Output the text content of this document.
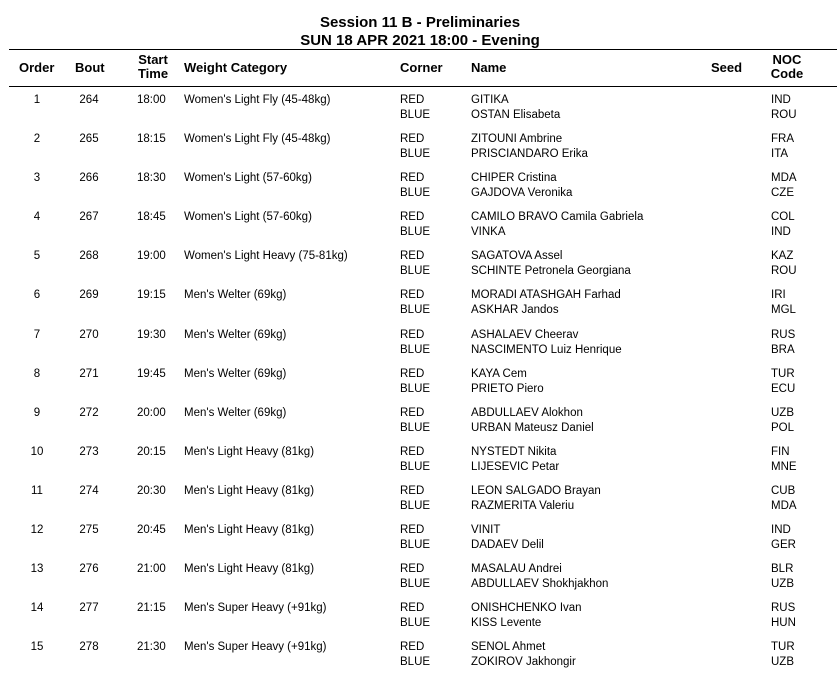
Session 11 B - Preliminaries
SUN 18 APR 2021 18:00 - Evening
Order Bout
Start
Time	Weight Category	Corner Name	Seed
NOC
Code
1	264	18:00 Women's Light Fly (45-48kg)	RED	GITIKA	IND
BLUE	OSTAN Elisabeta	ROU
2	265	18:15 Women's Light Fly (45-48kg)	RED	ZITOUNI Ambrine	FRA
BLUE	PRISCIANDARO Erika	ITA
3	266	18:30 Women's Light (57-60kg)	RED	CHIPER Cristina	MDA
BLUE	GAJDOVA Veronika	CZE
4	267	18:45 Women's Light (57-60kg)	RED	CAMILO BRAVO Camila Gabriela	COL
BLUE	VINKA	IND
5	268	19:00 Women's Light Heavy (75-81kg)	RED	SAGATOVA Assel	KAZ
BLUE	SCHINTE Petronela Georgiana	ROU
6	269	19:15 Men's Welter (69kg)	RED	MORADI ATASHGAH Farhad	IRI
BLUE	ASKHAR Jandos	MGL
7	270	19:30 Men's Welter (69kg)	RED	ASHALAEV Cheerav	RUS
BLUE	NASCIMENTO Luiz Henrique	BRA
8	271	19:45 Men's Welter (69kg)	RED	KAYA Cem	TUR
BLUE	PRIETO Piero	ECU
9	272	20:00 Men's Welter (69kg)	RED	ABDULLAEV Alokhon	UZB
BLUE	URBAN Mateusz Daniel	POL
10	273	20:15 Men's Light Heavy (81kg)	RED	NYSTEDT Nikita	FIN
BLUE	LIJESEVIC Petar	MNE
11	274	20:30 Men's Light Heavy (81kg)	RED	LEON SALGADO Brayan	CUB
BLUE	RAZMERITA Valeriu	MDA
12	275	20:45 Men's Light Heavy (81kg)	RED	VINIT	IND
BLUE	DADAEV Delil	GER
13	276	21:00 Men's Light Heavy (81kg)	RED	MASALAU Andrei	BLR
BLUE	ABDULLAEV Shokhjakhon	UZB
14	277	21:15 Men's Super Heavy (+91kg)	RED	ONISHCHENKO Ivan	RUS
BLUE	KISS Levente	HUN
15	278	21:30 Men's Super Heavy (+91kg)	RED	SENOL Ahmet	TUR
BLUE	ZOKIROV Jakhongir	UZB
